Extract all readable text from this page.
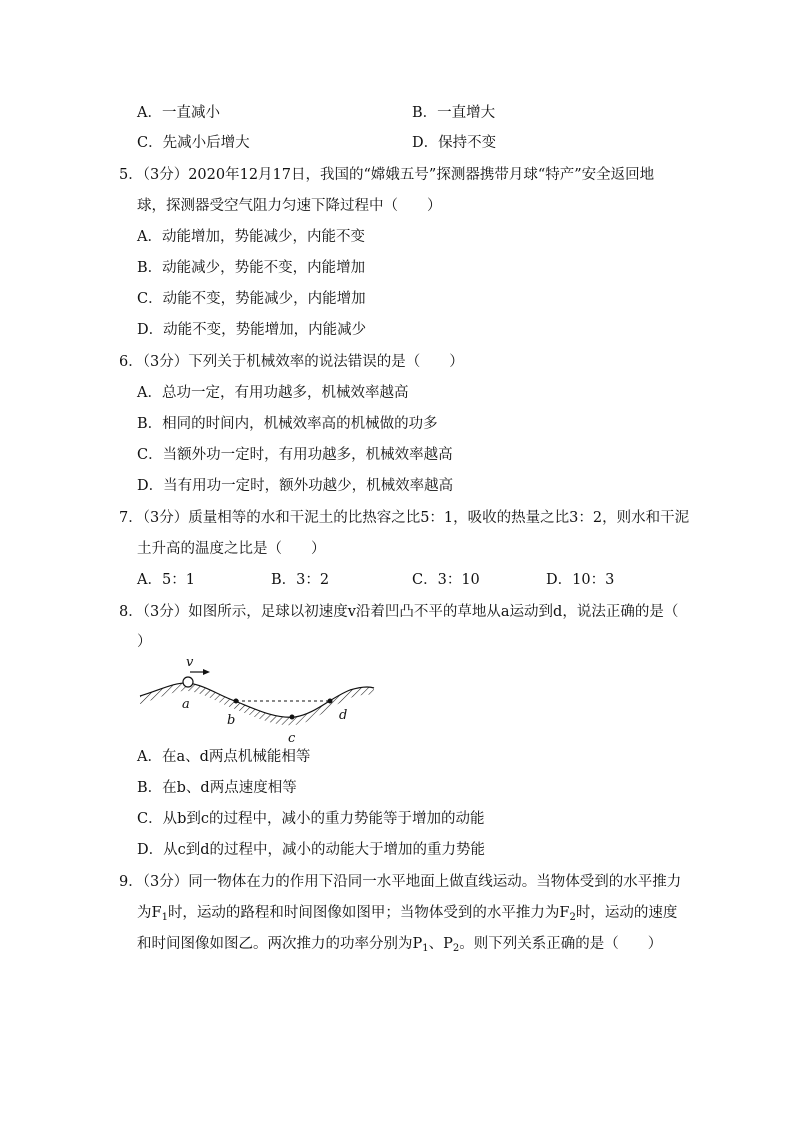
A．一直减小	B．一直增大
C．先减小后增大	D．保持不变
5．（3分）2020年12月17日，我国的“嫦娥五号”探测器携带月球“特产”安全返回地
球，探测器受空气阻力匀速下降过程中（　　）
A．动能增加，势能减少，内能不变
B．动能减少，势能不变，内能增加
C．动能不变，势能减少，内能增加
D．动能不变，势能增加，内能减少
6．（3分）下列关于机械效率的说法错误的是（　　）
A．总功一定，有用功越多，机械效率越高
B．相同的时间内，机械效率高的机械做的功多
C．当额外功一定时，有用功越多，机械效率越高
D．当有用功一定时，额外功越少，机械效率越高
7．（3分）质量相等的水和干泥土的比热容之比5：1，吸收的热量之比3：2，则水和干泥
土升高的温度之比是（　　）
A．5：1	B．3：2	C．3：10	D．10：3
8．（3分）如图所示，足球以初速度v沿着凹凸不平的草地从a运动到d，说法正确的是（
）
v
a
b
c
d
A．在a、d两点机械能相等
B．在b、d两点速度相等
C．从b到c的过程中，减小的重力势能等于增加的动能
D．从c到d的过程中，减小的动能大于增加的重力势能
9．（3分）同一物体在力的作用下沿同一水平地面上做直线运动。当物体受到的水平推力
为$F_1$时，运动的路程和时间图像如图甲；当物体受到的水平推力为$F_2$时，运动的速度
和时间图像如图乙。两次推力的功率分别为$P_1$、$P_2$。则下列关系正确的是（　　）
